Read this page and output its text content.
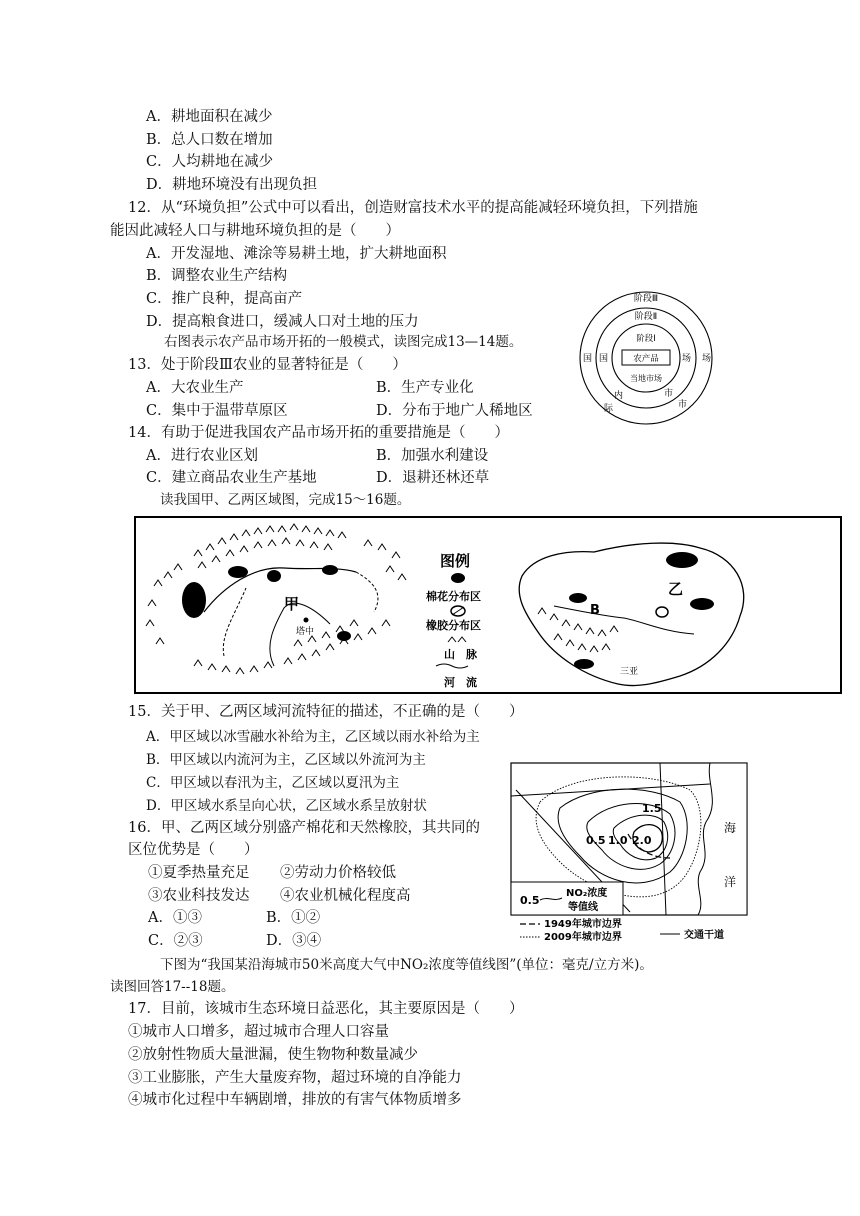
A．耕地面积在减少
B．总人口数在增加
C．人均耕地在减少
D．耕地环境没有出现负担
12．从“环境负担”公式中可以看出，创造财富技术水平的提高能减轻环境负担，下列措施
能因此减轻人口与耕地环境负担的是（　　）
A．开发湿地、滩涂等易耕土地，扩大耕地面积
B．调整农业生产结构
C．推广良种，提高亩产
D．提高粮食进口，缓减人口对土地的压力
右图表示农产品市场开拓的一般模式，读图完成13—14题。
13．处于阶段Ⅲ农业的显著特征是（　　）
A．大农业生产	B．生产专业化
C．集中于温带草原区	D．分布于地广人稀地区
14．有助于促进我国农产品市场开拓的重要措施是（　　）
A．进行农业区划	B．加强水利建设
C．建立商品农业生产基地	D．退耕还林还草
读我国甲、乙两区域图，完成15～16题。
阶段Ⅲ
阶段Ⅱ
阶段Ⅰ
农产品
当地市场
国
际
场
市
国	场
市
内
甲
塔中
图例
棉花分布区
橡胶分布区
山　脉
河　流
B
乙
三亚
15．关于甲、乙两区域河流特征的描述，不正确的是（　　）
A．甲区域以冰雪融水补给为主，乙区域以雨水补给为主
B．甲区域以内流河为主，乙区域以外流河为主
C．甲区域以春汛为主，乙区域以夏汛为主
D．甲区域水系呈向心状，乙区域水系呈放射状
16．甲、乙两区域分别盛产棉花和天然橡胶，其共同的
区位优势是（　　）
①夏季热量充足 ②劳动力价格较低
③农业科技发达 ④农业机械化程度高
A．①③	B．①②
C．②③	D．③④
海
洋
1.5
0.5 1.0 2.0
0.5
NO₂浓度
等值线
1949年城市边界
2009年城市边界	交通干道
下图为“我国某沿海城市50米高度大气中NO₂浓度等值线图”(单位：毫克/立方米)。
读图回答17--18题。
17．目前，该城市生态环境日益恶化，其主要原因是（　　）
①城市人口增多，超过城市合理人口容量
②放射性物质大量泄漏，使生物物种数量减少
③工业膨胀，产生大量废弃物，超过环境的自净能力
④城市化过程中车辆剧增，排放的有害气体物质增多
